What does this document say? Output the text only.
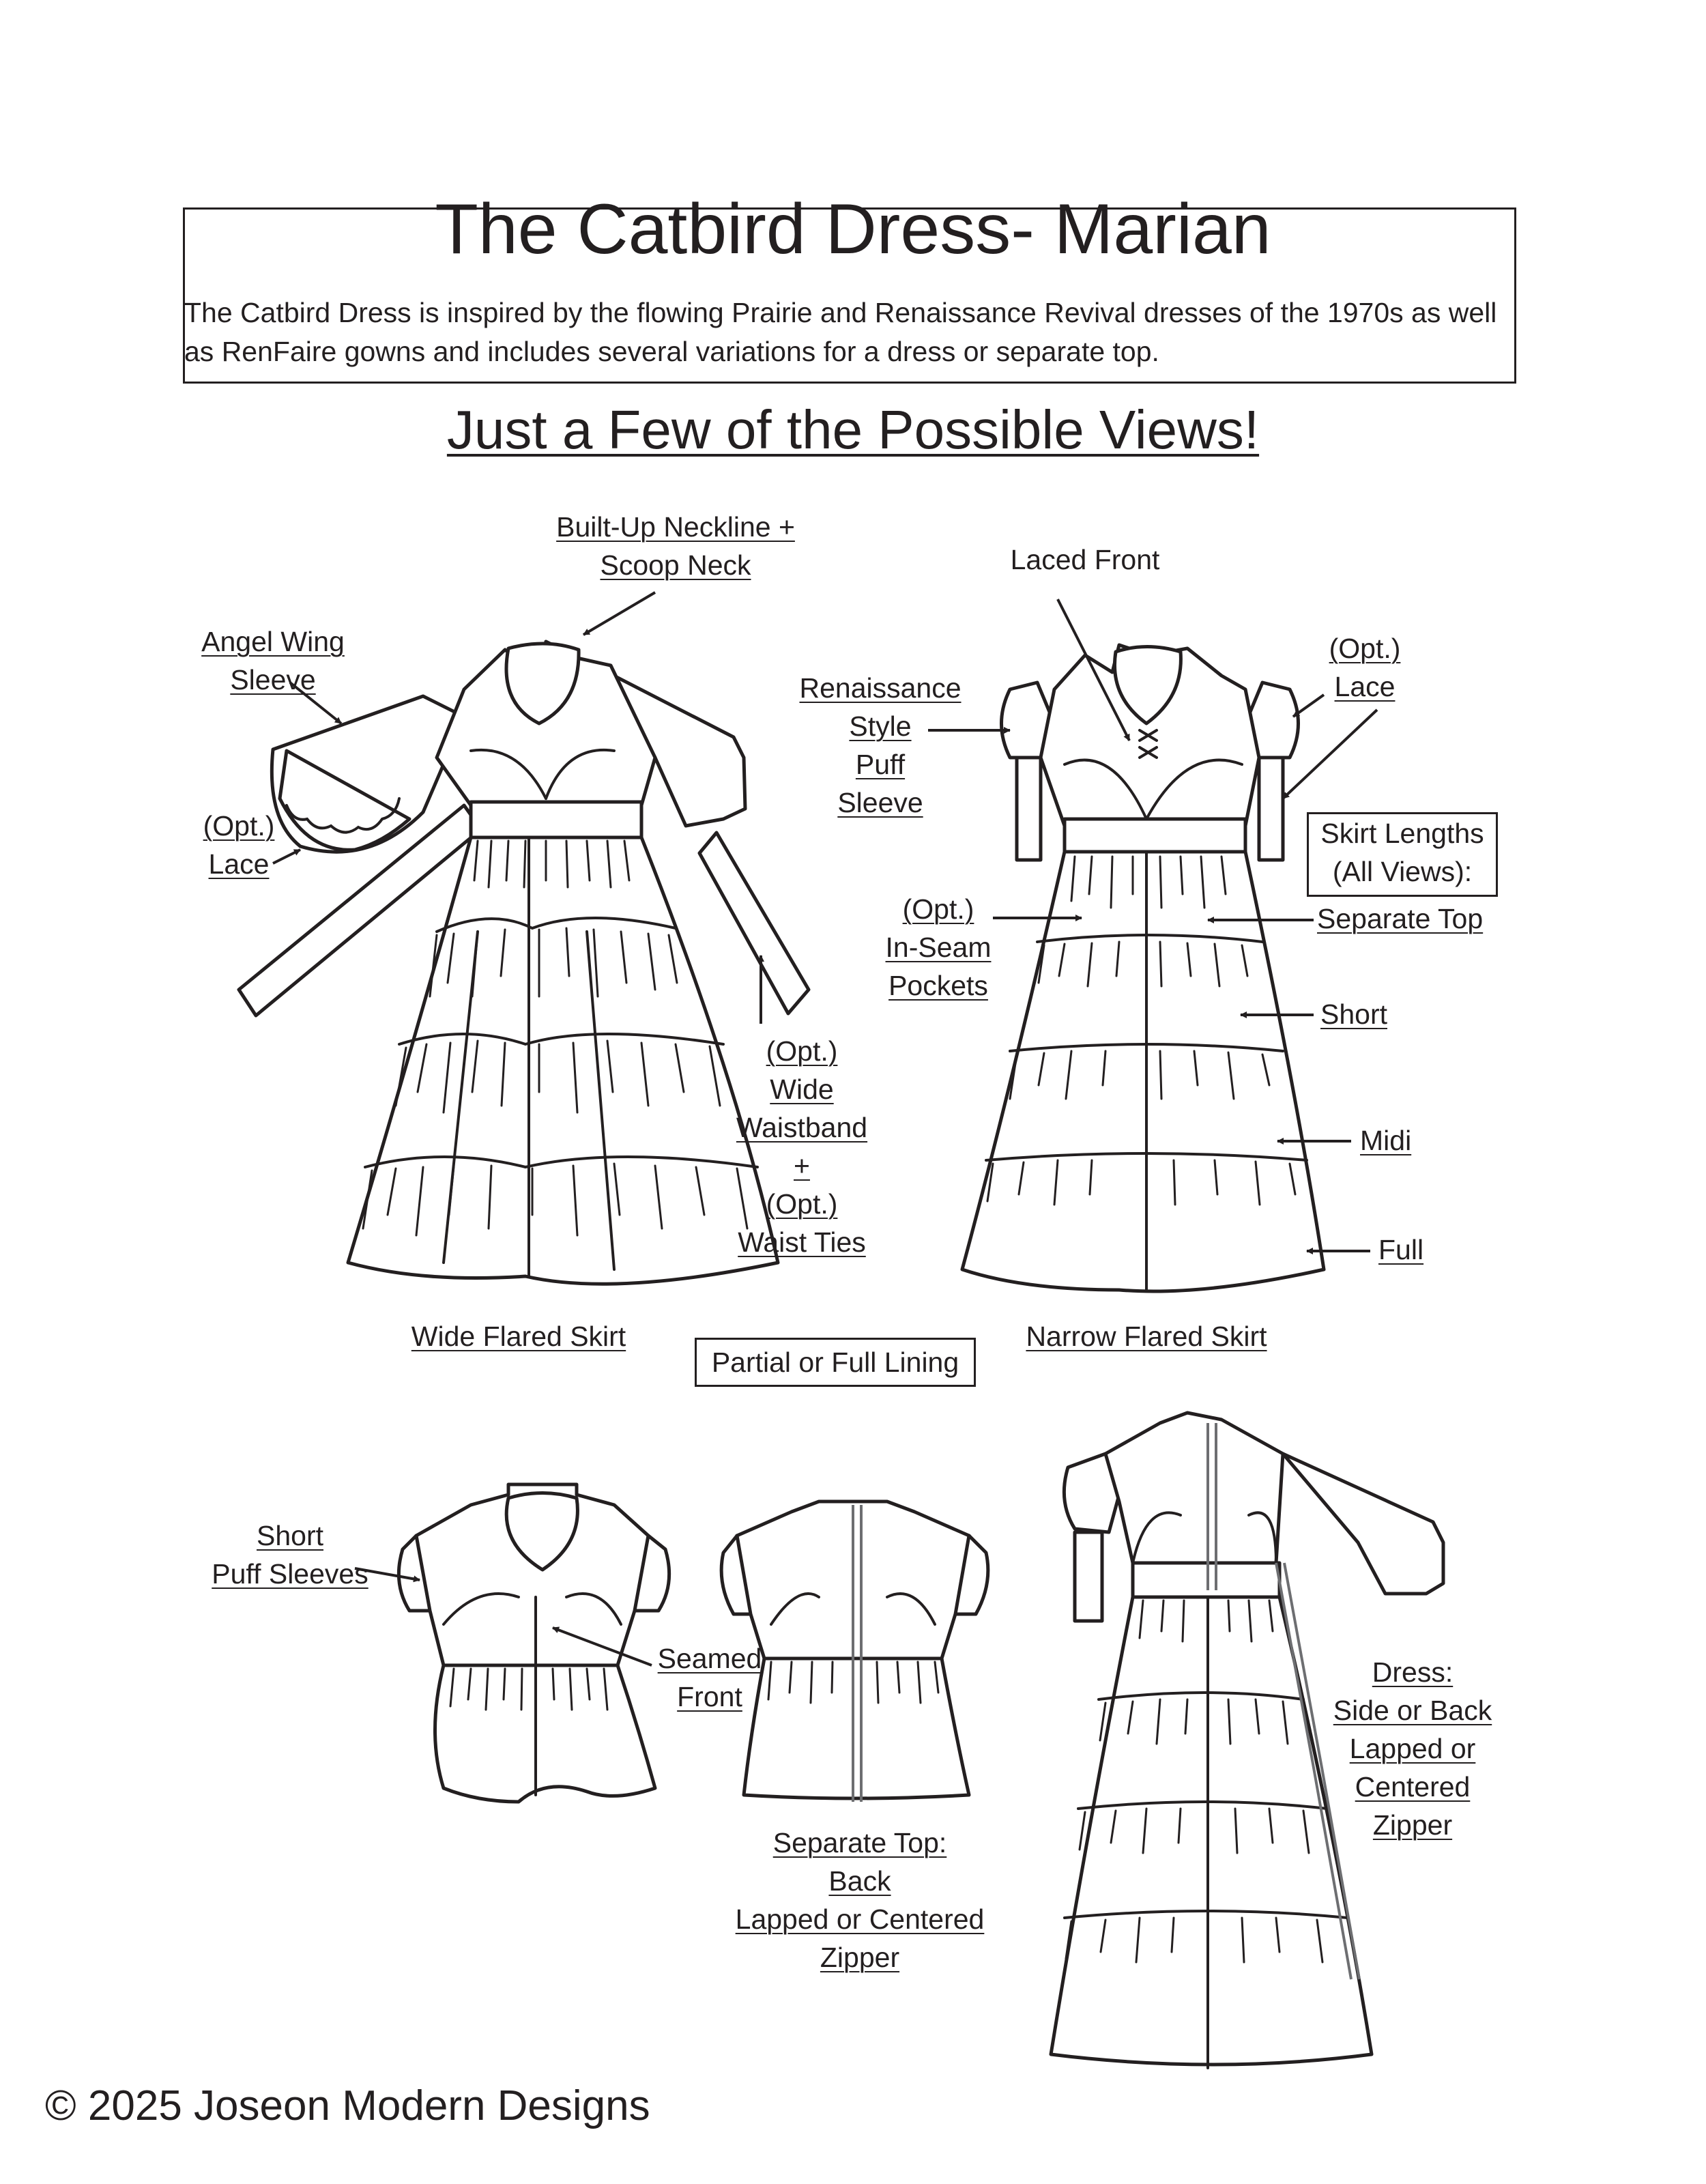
The Catbird Dress- Marian
The Catbird Dress is inspired by the flowing Prairie and Renaissance Revival dresses of the 1970s as well as RenFaire gowns and includes several variations for a dress or separate top.
Just a Few of the Possible Views!
Built-Up Neckline +
Scoop Neck
Angel Wing
Sleeve
(Opt.)
Lace
(Opt.)
Wide
Waistband
+
(Opt.)
Waist Ties
Wide Flared Skirt
Laced Front
Renaissance
Style
Puff
Sleeve
(Opt.)
Lace
Skirt Lengths
(All Views):
(Opt.)
In-Seam
Pockets
Separate Top
Short
Midi
Full
Narrow Flared Skirt
Partial or Full Lining
Short
Puff Sleeves
Seamed
Front
Separate Top:
Back
Lapped or Centered
Zipper
Dress:
Side or Back
Lapped or
Centered
Zipper
© 2025 Joseon Modern Designs
